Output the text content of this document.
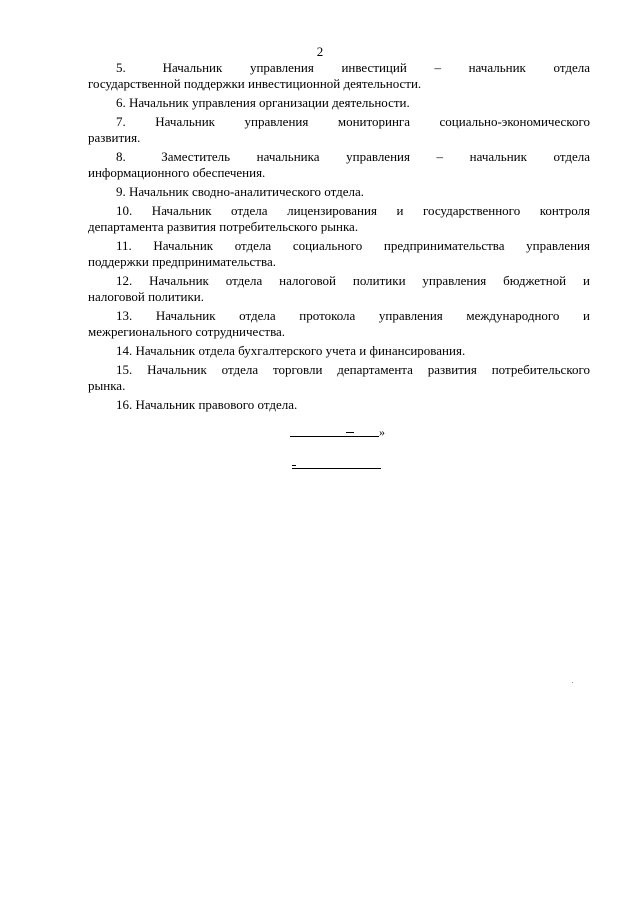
2

5.    Начальник   управления   инвестиций   –   начальник   отдела
государственной поддержки инвестиционной деятельности.

6. Начальник управления организации деятельности.

7.  Начальник  управления  мониторинга  социально-экономического
развития.

8.    Заместитель   начальника   управления   –   начальник   отдела
информационного обеспечения.

9. Начальник сводно-аналитического отдела.

10. Начальник отдела лицензирования и государственного контроля
департамента развития потребительского рынка.

11. Начальник отдела социального предпринимательства управления
поддержки предпринимательства.

12. Начальник отдела налоговой политики управления бюджетной и
налоговой политики.

13.  Начальник  отдела  протокола  управления  международного  и
межрегионального сотрудничества.

14. Начальник отдела бухгалтерского учета и финансирования.

15. Начальник отдела торговли департамента развития потребительского
рынка.

16. Начальник правового отдела.

»
